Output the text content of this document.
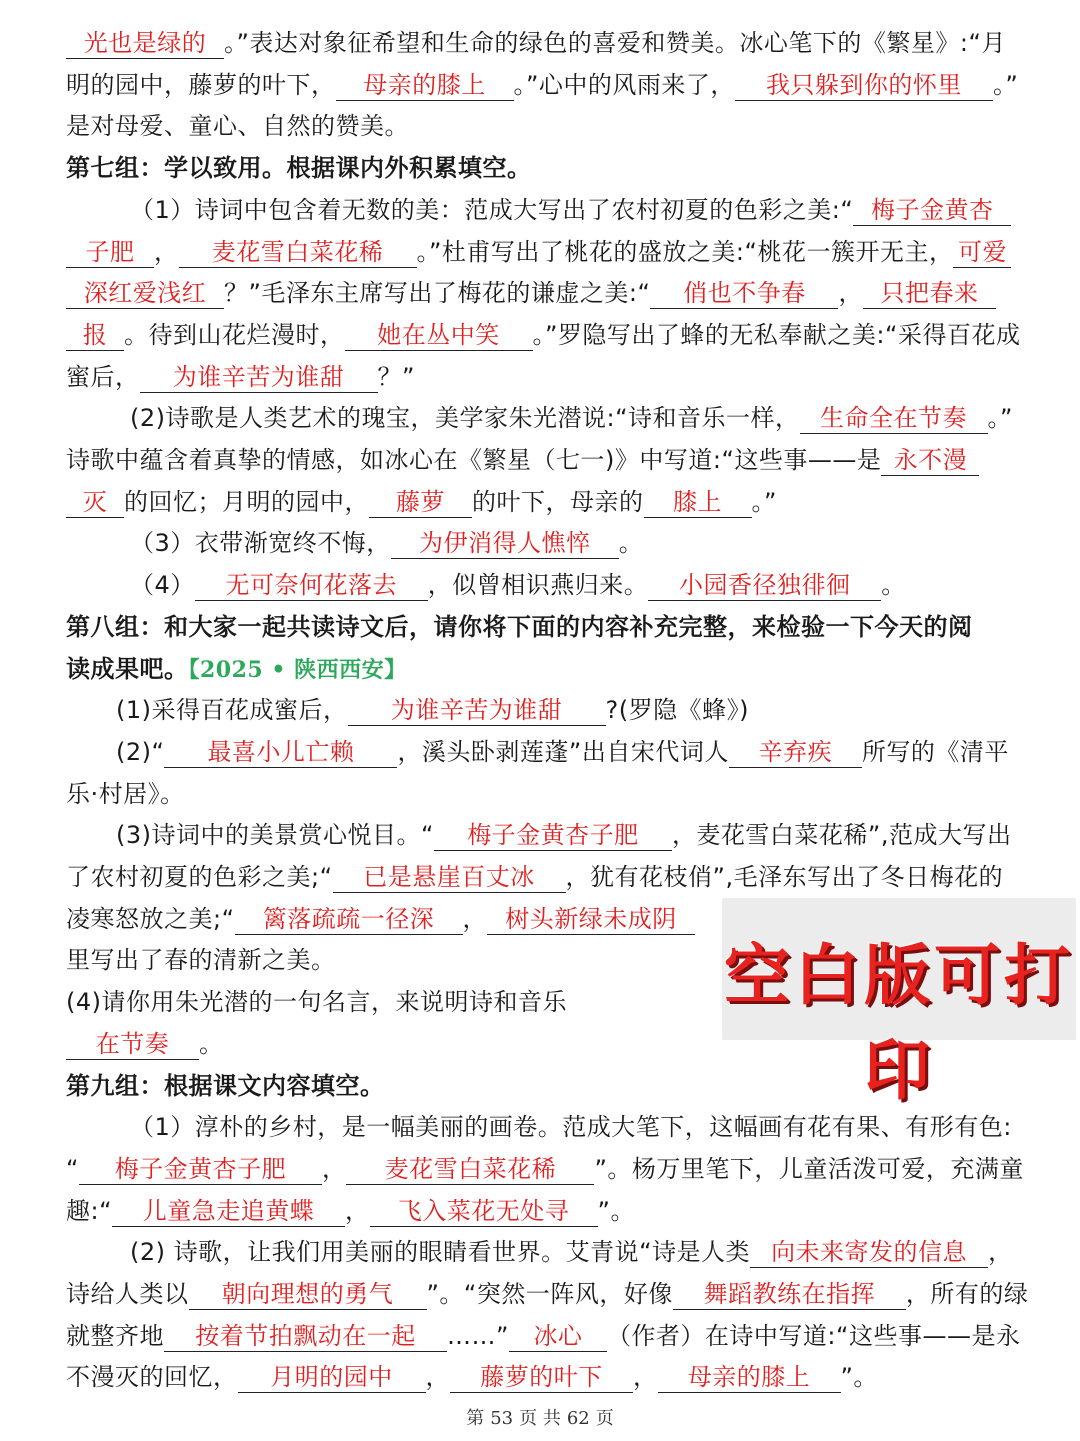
光也是绿的 。”表达对象征希望和生命的绿色的喜爱和赞美。冰心笔下的《繁星》:“月
明的园中，藤萝的叶下， 母亲的膝上 。”心中的风雨来了， 我只躲到你的怀里 。”
是对母爱、童心、自然的赞美。
第七组：学以致用。根据课内外积累填空。
（1）诗词中包含着无数的美：范成大写出了农村初夏的色彩之美:“ 梅子金黄杏
子肥 ， 麦花雪白菜花稀 。”杜甫写出了桃花的盛放之美:“桃花一簇开无主， 可爱
深红爱浅红 ？”毛泽东主席写出了梅花的谦虚之美:“ 俏也不争春 ， 只把春来
报 。待到山花烂漫时， 她在丛中笑 。”罗隐写出了蜂的无私奉献之美:“采得百花成
蜜后， 为谁辛苦为谁甜 ？”
(2)诗歌是人类艺术的瑰宝，美学家朱光潜说:“诗和音乐一样， 生命全在节奏 。”
诗歌中蕴含着真挚的情感，如冰心在《繁星（七一)》中写道:“这些事——是 永不漫
灭 的回忆；月明的园中， 藤萝 的叶下，母亲的 膝上 。”
（3）衣带渐宽终不悔， 为伊消得人憔悴 。
（4） 无可奈何花落去 ，似曾相识燕归来。 小园香径独徘徊 。
第八组：和大家一起共读诗文后，请你将下面的内容补充完整，来检验一下今天的阅
读成果吧。【2025 • 陕西西安】
(1)采得百花成蜜后， 为谁辛苦为谁甜 ?(罗隐《蜂》)
(2)“ 最喜小儿亡赖 ，溪头卧剥莲蓬”出自宋代词人 辛弃疾 所写的《清平
乐·村居》。
(3)诗词中的美景赏心悦目。“ 梅子金黄杏子肥 ，麦花雪白菜花稀”,范成大写出
了农村初夏的色彩之美;“ 已是悬崖百丈冰 ，犹有花枝俏”,毛泽东写出了冬日梅花的
凌寒怒放之美;“ 篱落疏疏一径深 ， 树头新绿未成阴
里写出了春的清新之美。
(4)请你用朱光潜的一句名言，来说明诗和音乐
在节奏 。
第九组：根据课文内容填空。
（1）淳朴的乡村，是一幅美丽的画卷。范成大笔下，这幅画有花有果、有形有色:
“ 梅子金黄杏子肥 ， 麦花雪白菜花稀 ”。杨万里笔下，儿童活泼可爱，充满童
趣:“ 儿童急走追黄蝶 ， 飞入菜花无处寻 ”。
(2) 诗歌，让我们用美丽的眼睛看世界。艾青说“诗是人类 向未来寄发的信息 ，
诗给人类以 朝向理想的勇气 ”。“突然一阵风，好像 舞蹈教练在指挥 ，所有的绿
就整齐地 按着节拍飘动在一起 ……” 冰心 （作者）在诗中写道:“这些事——是永
不漫灭的回忆， 月明的园中 ， 藤萝的叶下 ， 母亲的膝上 ”。
空白版可打印
第 53 页 共 62 页
